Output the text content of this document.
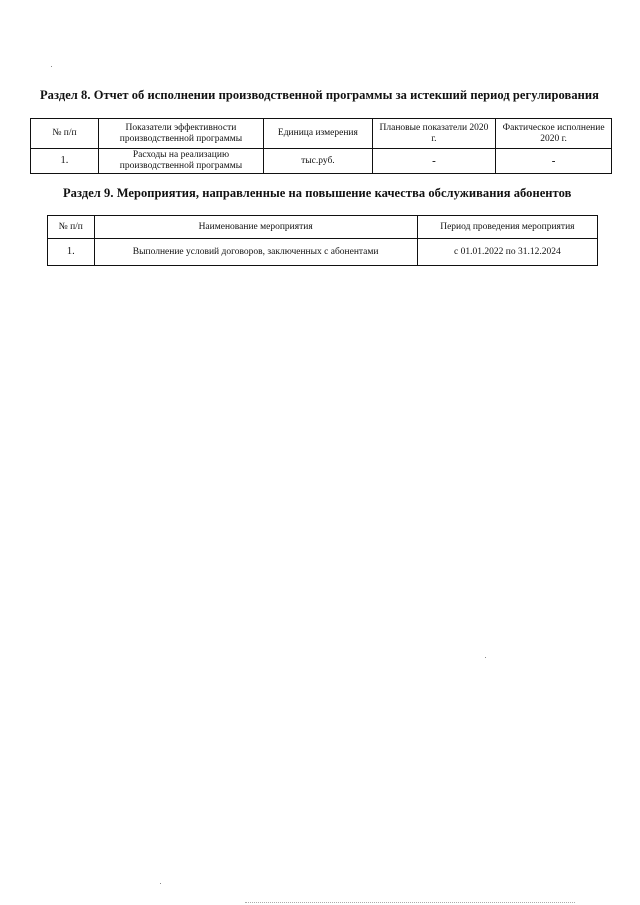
Раздел 8. Отчет об исполнении производственной программы за истекший период регулирования
№ п/п	Показатели эффективности производственной программы	Единица измерения	Плановые показатели 2020 г.	Фактическое исполнение 2020 г.
1.	Расходы на реализацию производственной программы	тыс.руб.	-	-
Раздел 9. Мероприятия, направленные на повышение качества обслуживания абонентов
№ п/п	Наименование мероприятия	Период проведения мероприятия
1.	Выполнение условий договоров, заключенных с абонентами	с 01.01.2022 по 31.12.2024
